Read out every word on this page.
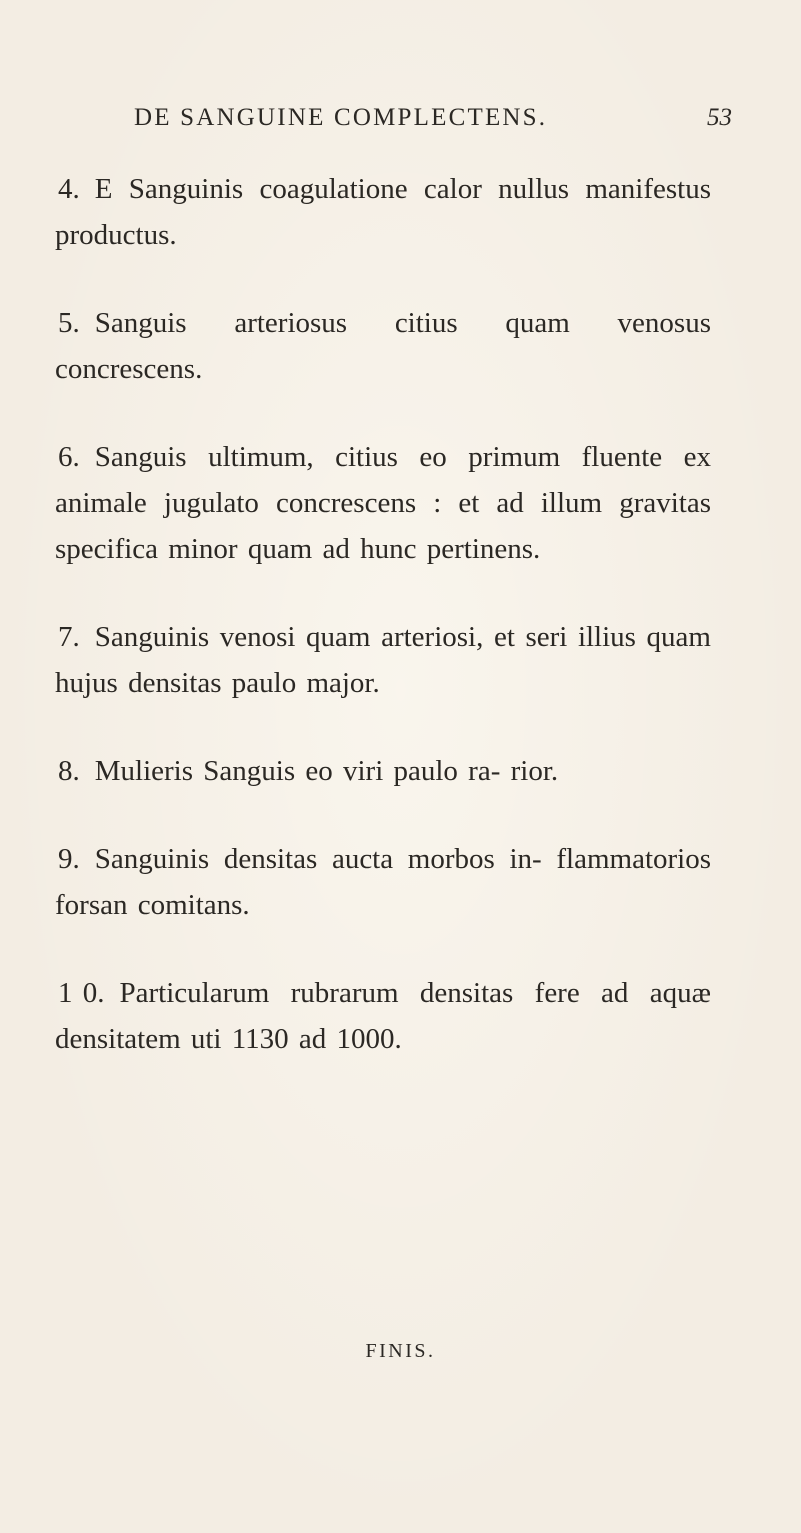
DE SANGUINE COMPLECTENS.	53
4. E Sanguinis coagulatione calor nullus manifestus productus.
5. Sanguis arteriosus citius quam venosus concrescens.
6. Sanguis ultimum, citius eo primum fluente ex animale jugulato concrescens : et ad illum gravitas specifica minor quam ad hunc pertinens.
7. Sanguinis venosi quam arteriosi, et seri illius quam hujus densitas paulo major.
8. Mulieris Sanguis eo viri paulo ra- rior.
9. Sanguinis densitas aucta morbos in- flammatorios forsan comitans.
1 0. Particularum rubrarum densitas fere ad aquæ densitatem uti 1130 ad 1000.
FINIS.
